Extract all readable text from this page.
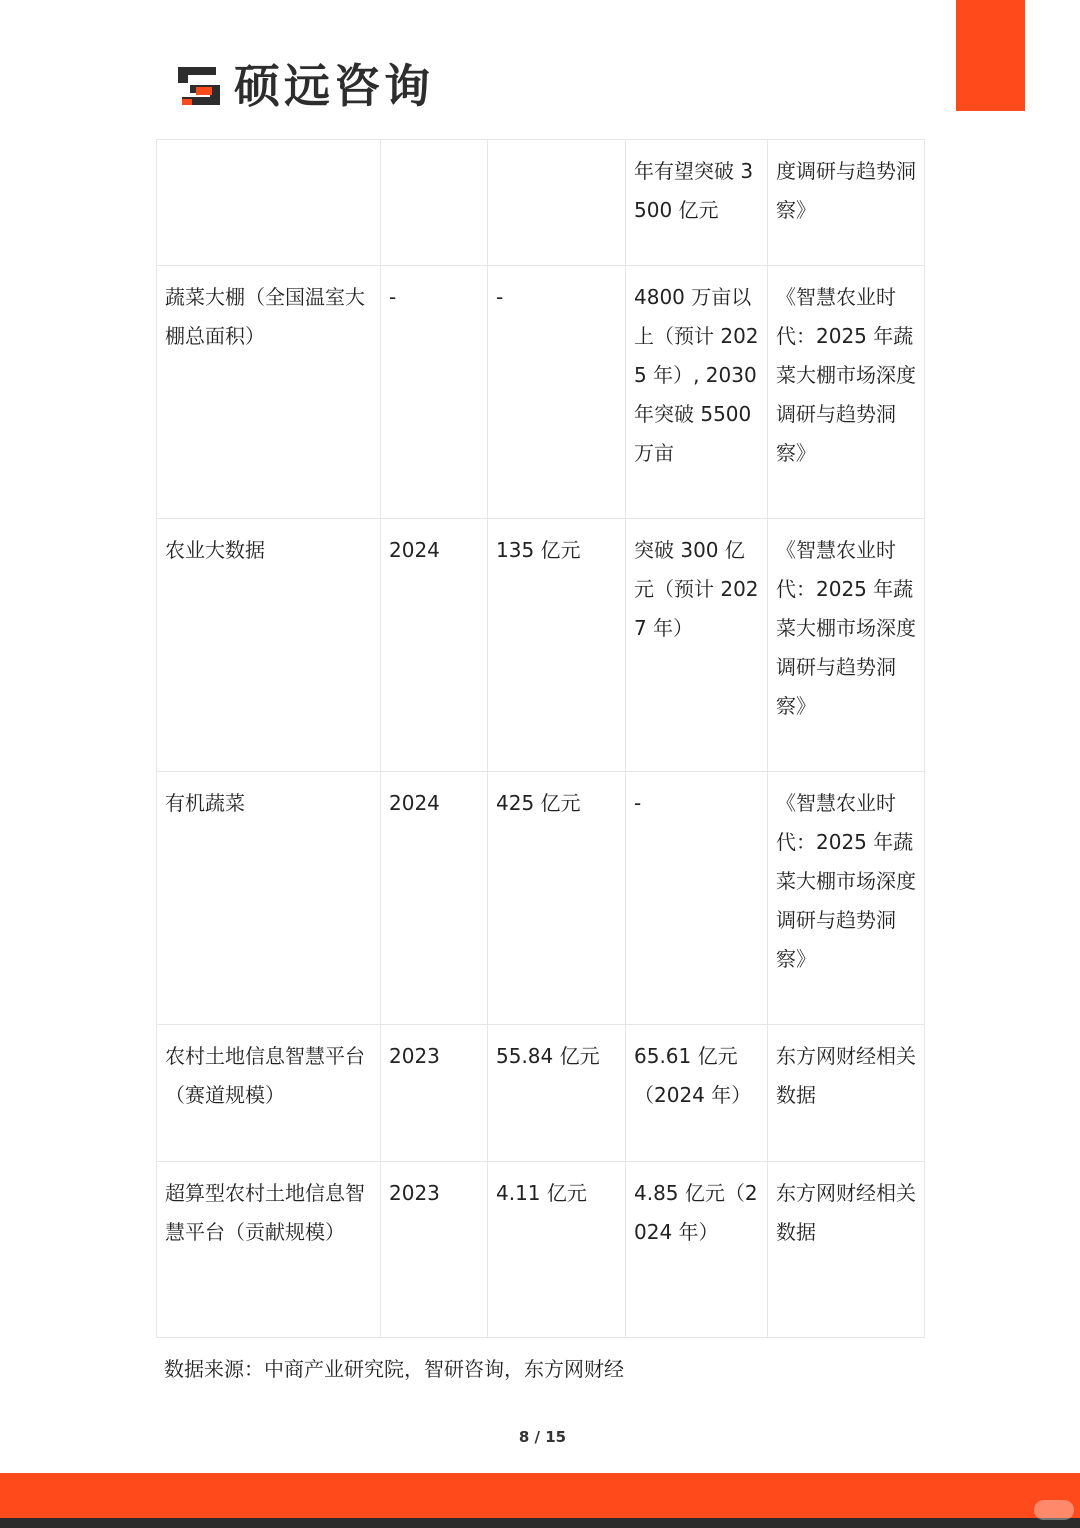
硕远咨询
			年有望突破 3500 亿元	度调研与趋势洞察》
蔬菜大棚（全国温室大棚总面积）	-	-	4800 万亩以上（预计 2025 年）, 2030 年突破 5500 万亩	《智慧农业时代：2025 年蔬菜大棚市场深度调研与趋势洞察》
农业大数据	2024	135 亿元	突破 300 亿元（预计 2027 年）	《智慧农业时代：2025 年蔬菜大棚市场深度调研与趋势洞察》
有机蔬菜	2024	425 亿元	-	《智慧农业时代：2025 年蔬菜大棚市场深度调研与趋势洞察》
农村土地信息智慧平台（赛道规模）	2023	55.84 亿元	65.61 亿元（2024 年）	东方网财经相关数据
超算型农村土地信息智慧平台（贡献规模）	2023	4.11 亿元	4.85 亿元（2024 年）	东方网财经相关数据
数据来源：中商产业研究院，智研咨询，东方网财经
8 / 15
